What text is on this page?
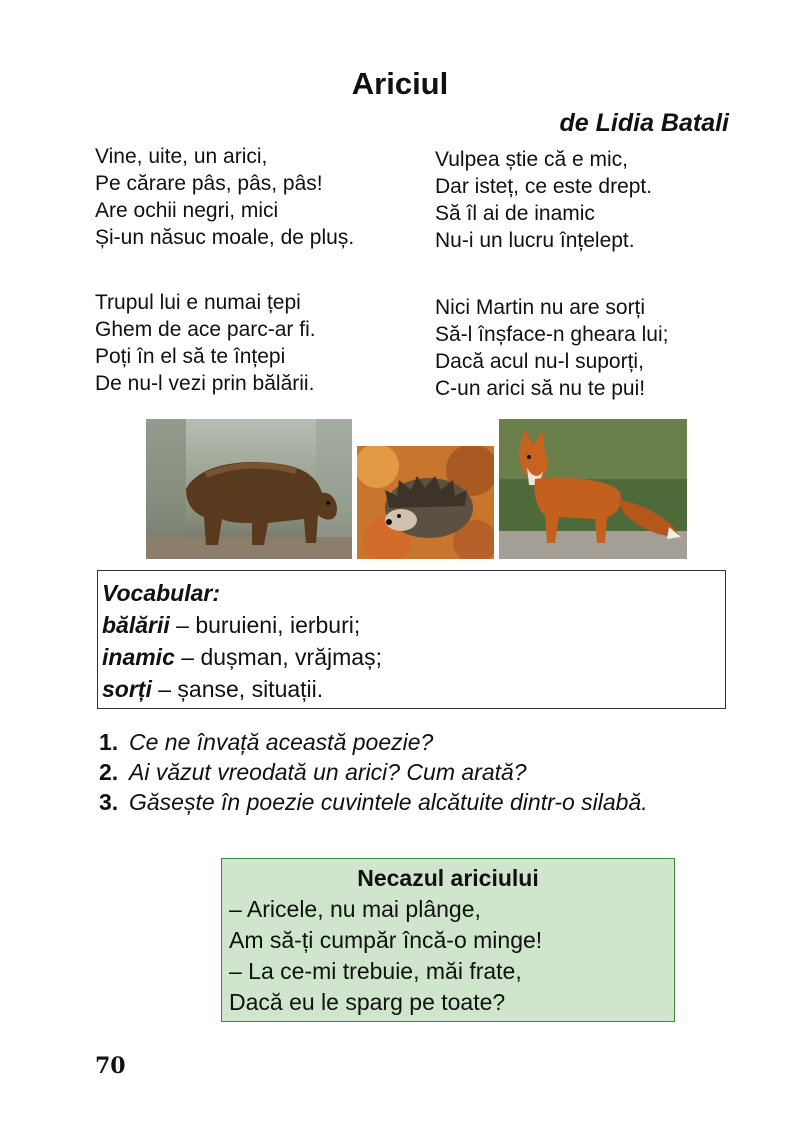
Ariciul
de Lidia Batali
Vine, uite, un arici,
Pe cărare pâs, pâs, pâs!
Are ochii negri, mici
Și-un năsuc moale, de pluș.
Trupul lui e numai țepi
Ghem de ace parc-ar fi.
Poți în el să te înțepi
De nu-l vezi prin bălării.
Vulpea știe că e mic,
Dar isteț, ce este drept.
Să îl ai de inamic
Nu-i un lucru înțelept.
Nici Martin nu are sorți
Să-l înșface-n gheara lui;
Dacă acul nu-l suporți,
C-un arici să nu te pui!
Vocabular:
bălării – buruieni, ierburi;
inamic – dușman, vrăjmaș;
sorți – șanse, situații.
1. Ce ne învață această poezie?
2. Ai văzut vreodată un arici? Cum arată?
3. Găsește în poezie cuvintele alcătuite dintr-o silabă.
Necazul ariciului
– Aricele, nu mai plânge,
Am să-ți cumpăr încă-o minge!
– La ce-mi trebuie, măi frate,
Dacă eu le sparg pe toate?
70
